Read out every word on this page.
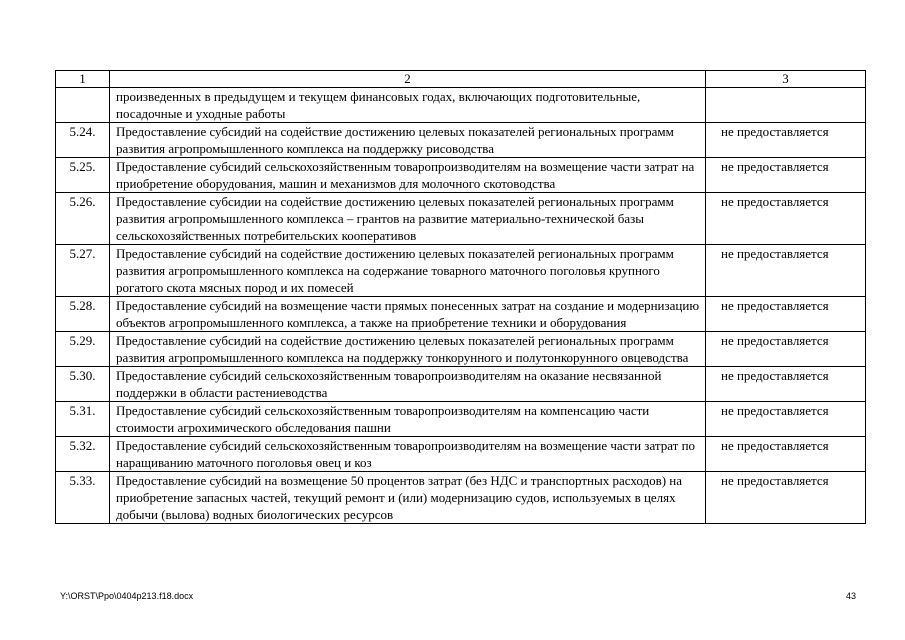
1	2	3
	произведенных в предыдущем и текущем финансовых годах, включающих подготовительные, посадочные и уходные работы	
5.24.	Предоставление субсидий на содействие достижению целевых показателей региональных программ развития агропромышленного комплекса на поддержку рисоводства	не предоставляется
5.25.	Предоставление субсидий сельскохозяйственным товаропроизводителям на возмещение части затрат на приобретение оборудования, машин и механизмов для молочного скотоводства	не предоставляется
5.26.	Предоставление субсидии на содействие достижению целевых показателей региональных программ развития агропромышленного комплекса – грантов на развитие материально-технической базы сельскохозяйственных потребительских кооперативов	не предоставляется
5.27.	Предоставление субсидий на содействие достижению целевых показателей региональных программ развития агропромышленного комплекса на содержание товарного маточного поголовья крупного рогатого скота мясных пород и их помесей	не предоставляется
5.28.	Предоставление субсидий на возмещение части прямых понесенных затрат на создание и модернизацию объектов агропромышленного комплекса, а также на приобретение техники и оборудования	не предоставляется
5.29.	Предоставление субсидий на содействие достижению целевых показателей региональных программ развития агропромышленного комплекса на поддержку тонкорунного и полутонкорунного овцеводства	не предоставляется
5.30.	Предоставление субсидий сельскохозяйственным товаропроизводителям на оказание несвязанной поддержки в области растениеводства	не предоставляется
5.31.	Предоставление субсидий сельскохозяйственным товаропроизводителям на компенсацию части стоимости агрохимического обследования пашни	не предоставляется
5.32.	Предоставление субсидий сельскохозяйственным товаропроизводителям на возмещение части затрат по наращиванию маточного поголовья овец и коз	не предоставляется
5.33.	Предоставление субсидий на возмещение 50 процентов затрат (без НДС и транспортных расходов) на приобретение запасных частей, текущий ремонт и (или) модернизацию судов, используемых в целях добычи (вылова) водных биологических ресурсов	не предоставляется
Y:\ORST\Ppo\0404p213.f18.docx	43
